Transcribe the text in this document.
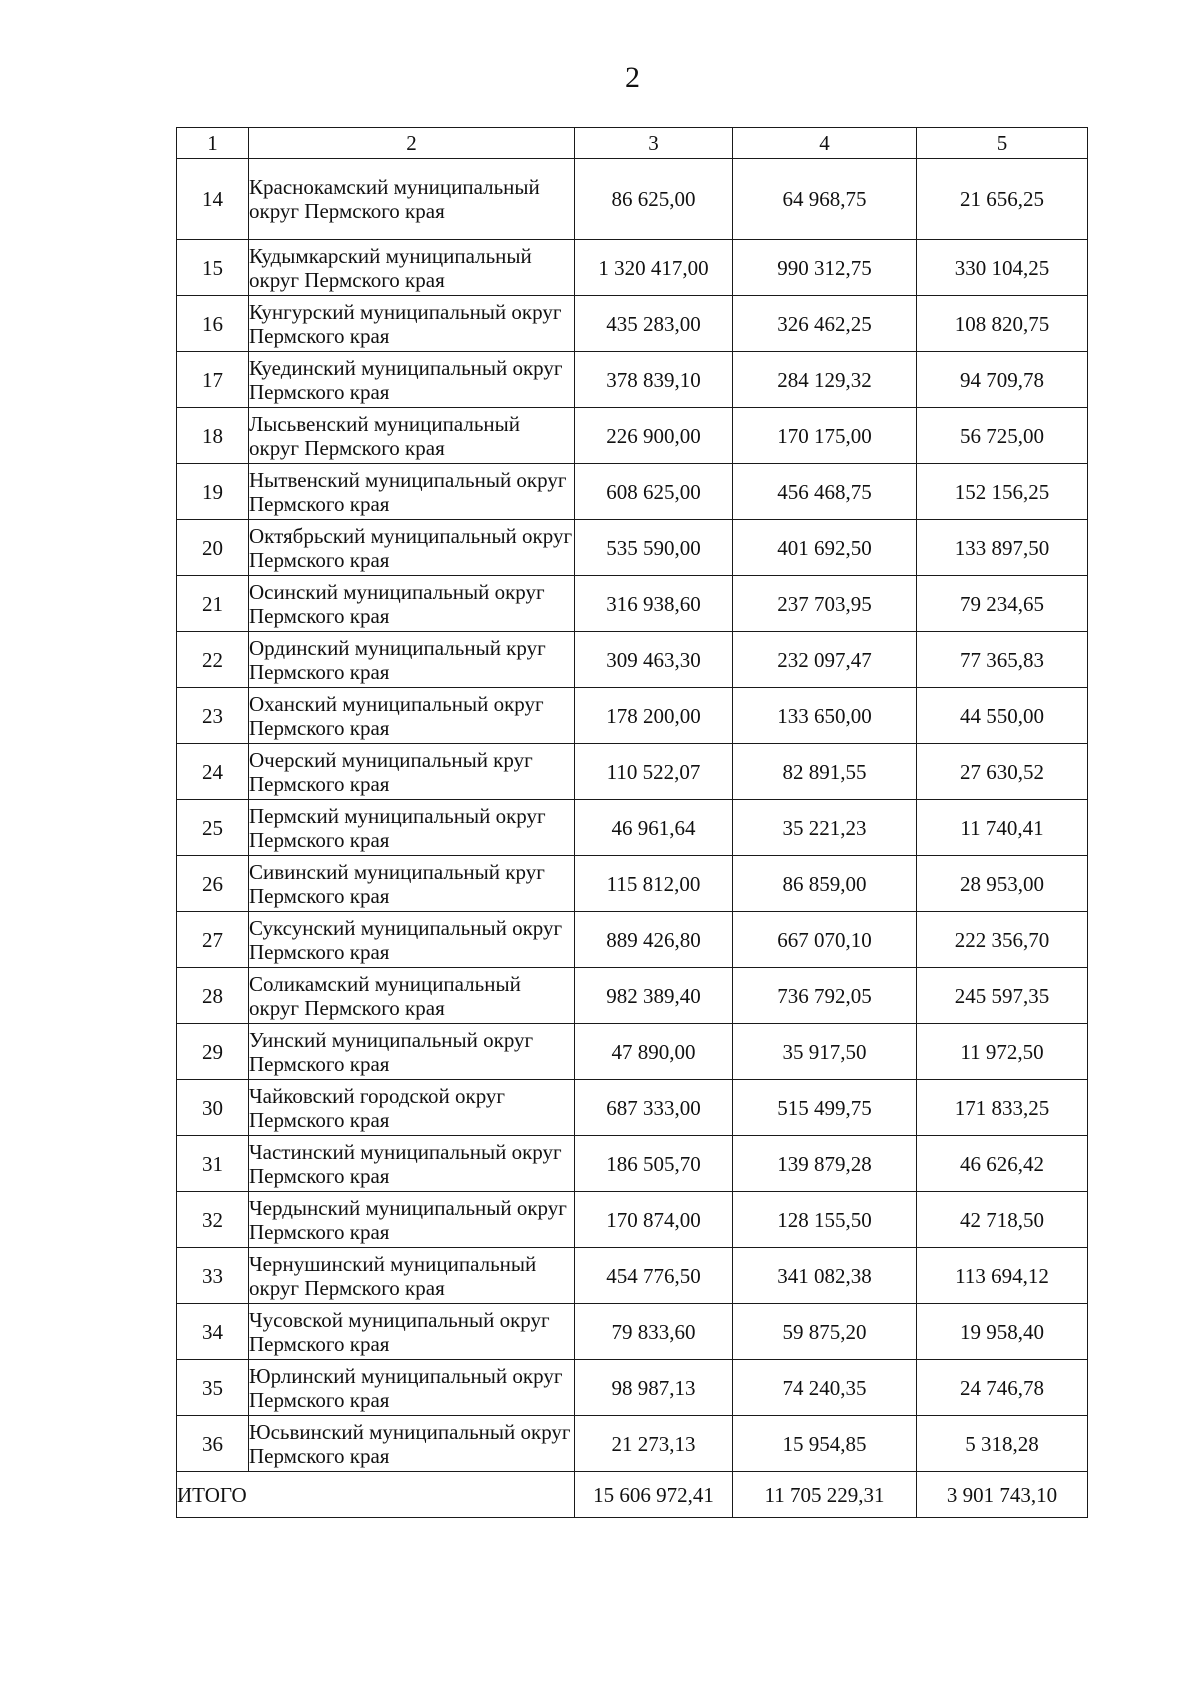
2
1	2	3	4	5
14	Краснокамский муниципальный округ Пермского края	86 625,00	64 968,75	21 656,25
15	Кудымкарский муниципальный округ Пермского края	1 320 417,00	990 312,75	330 104,25
16	Кунгурский муниципальный округ Пермского края	435 283,00	326 462,25	108 820,75
17	Куединский муниципальный округ Пермского края	378 839,10	284 129,32	94 709,78
18	Лысьвенский муниципальный округ Пермского края	226 900,00	170 175,00	56 725,00
19	Нытвенский муниципальный округ Пермского края	608 625,00	456 468,75	152 156,25
20	Октябрьский муниципальный округ Пермского края	535 590,00	401 692,50	133 897,50
21	Осинский муниципальный округ Пермского края	316 938,60	237 703,95	79 234,65
22	Ординский муниципальный круг Пермского края	309 463,30	232 097,47	77 365,83
23	Оханский муниципальный округ Пермского края	178 200,00	133 650,00	44 550,00
24	Очерский муниципальный круг Пермского края	110 522,07	82 891,55	27 630,52
25	Пермский муниципальный округ Пермского края	46 961,64	35 221,23	11 740,41
26	Сивинский муниципальный круг Пермского края	115 812,00	86 859,00	28 953,00
27	Суксунский муниципальный округ Пермского края	889 426,80	667 070,10	222 356,70
28	Соликамский муниципальный округ Пермского края	982 389,40	736 792,05	245 597,35
29	Уинский муниципальный округ Пермского края	47 890,00	35 917,50	11 972,50
30	Чайковский городской округ Пермского края	687 333,00	515 499,75	171 833,25
31	Частинский муниципальный округ Пермского края	186 505,70	139 879,28	46 626,42
32	Чердынский муниципальный округ Пермского края	170 874,00	128 155,50	42 718,50
33	Чернушинский муниципальный округ Пермского края	454 776,50	341 082,38	113 694,12
34	Чусовской муниципальный округ Пермского края	79 833,60	59 875,20	19 958,40
35	Юрлинский муниципальный округ Пермского края	98 987,13	74 240,35	24 746,78
36	Юсьвинский муниципальный округ Пермского края	21 273,13	15 954,85	5 318,28
ИТОГО		15 606 972,41	11 705 229,31	3 901 743,10
